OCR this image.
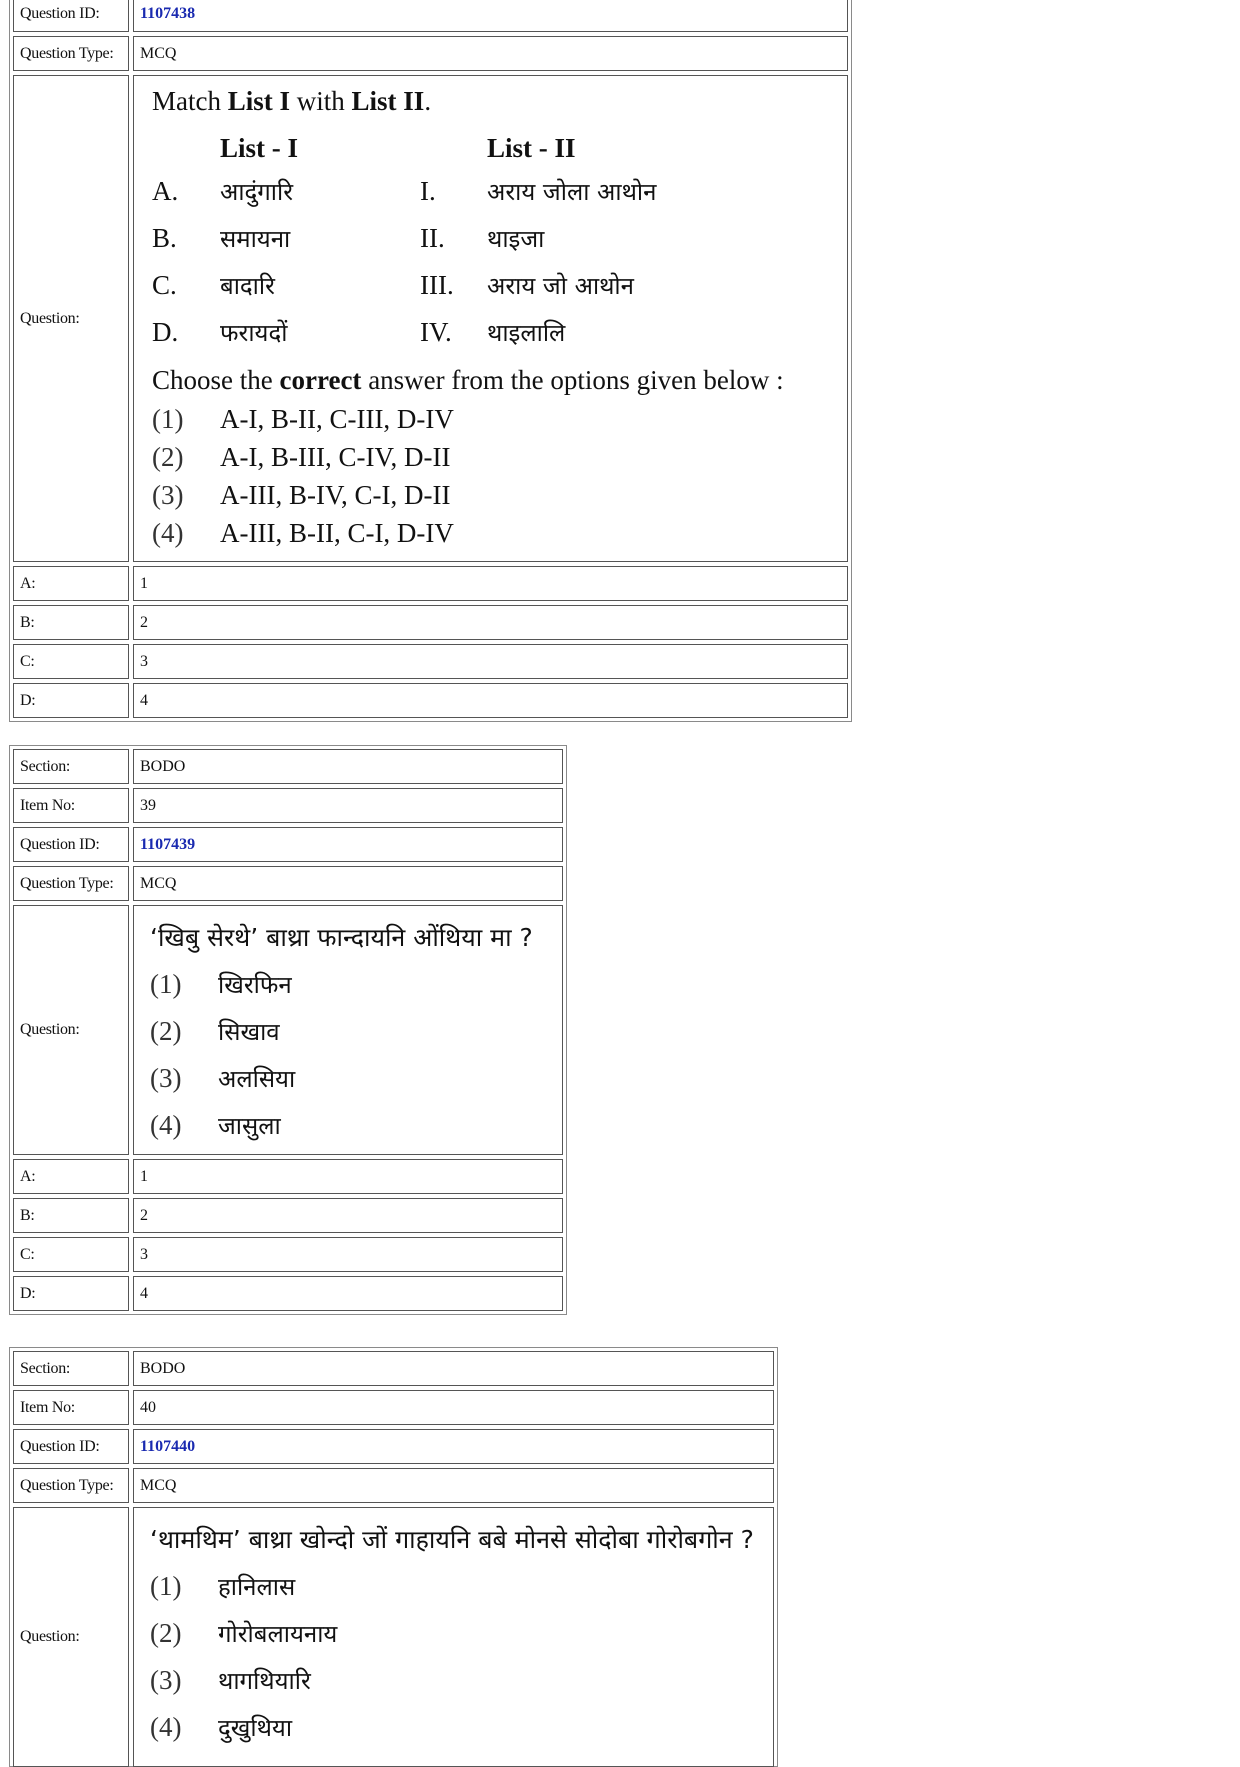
Question ID:	1107438
Question Type:	MCQ
Question:
Match
List I
with
List II .
List - I	List - II
A.	आदुंगारि	I.	अराय जोला आथोन
B.	समायना	II.	थाइजा
C.	बादारि	III.	अराय जो आथोन
D.	फरायदों	IV.	थाइलालि
Choose the
correct
answer from the options given below :
(1)	A-I, B-II, C-III, D-IV
(2)	A-I, B-III, C-IV, D-II
(3)	A-III, B-IV, C-I, D-II
(4)	A-III, B-II, C-I, D-IV
A:	1
B:	2
C:	3
D:	4
Section:	BODO
Item No:	39
Question ID:	1107439
Question Type:	MCQ
Question:
‘खिबु सेरथे’ बाथ्रा फान्दायनि ओंथिया मा ?
(1)	खिरफिन
(2)	सिखाव
(3)	अलसिया
(4)	जासुला
A:	1
B:	2
C:	3
D:	4
Section:	BODO
Item No:	40
Question ID:	1107440
Question Type:	MCQ
Question:
‘थामथिम’ बाथ्रा खोन्दो जों गाहायनि बबे मोनसे सोदोबा गोरोबगोन ?
(1)	हानिलास
(2)	गोरोबलायनाय
(3)	थागथियारि
(4)	दुखुथिया
